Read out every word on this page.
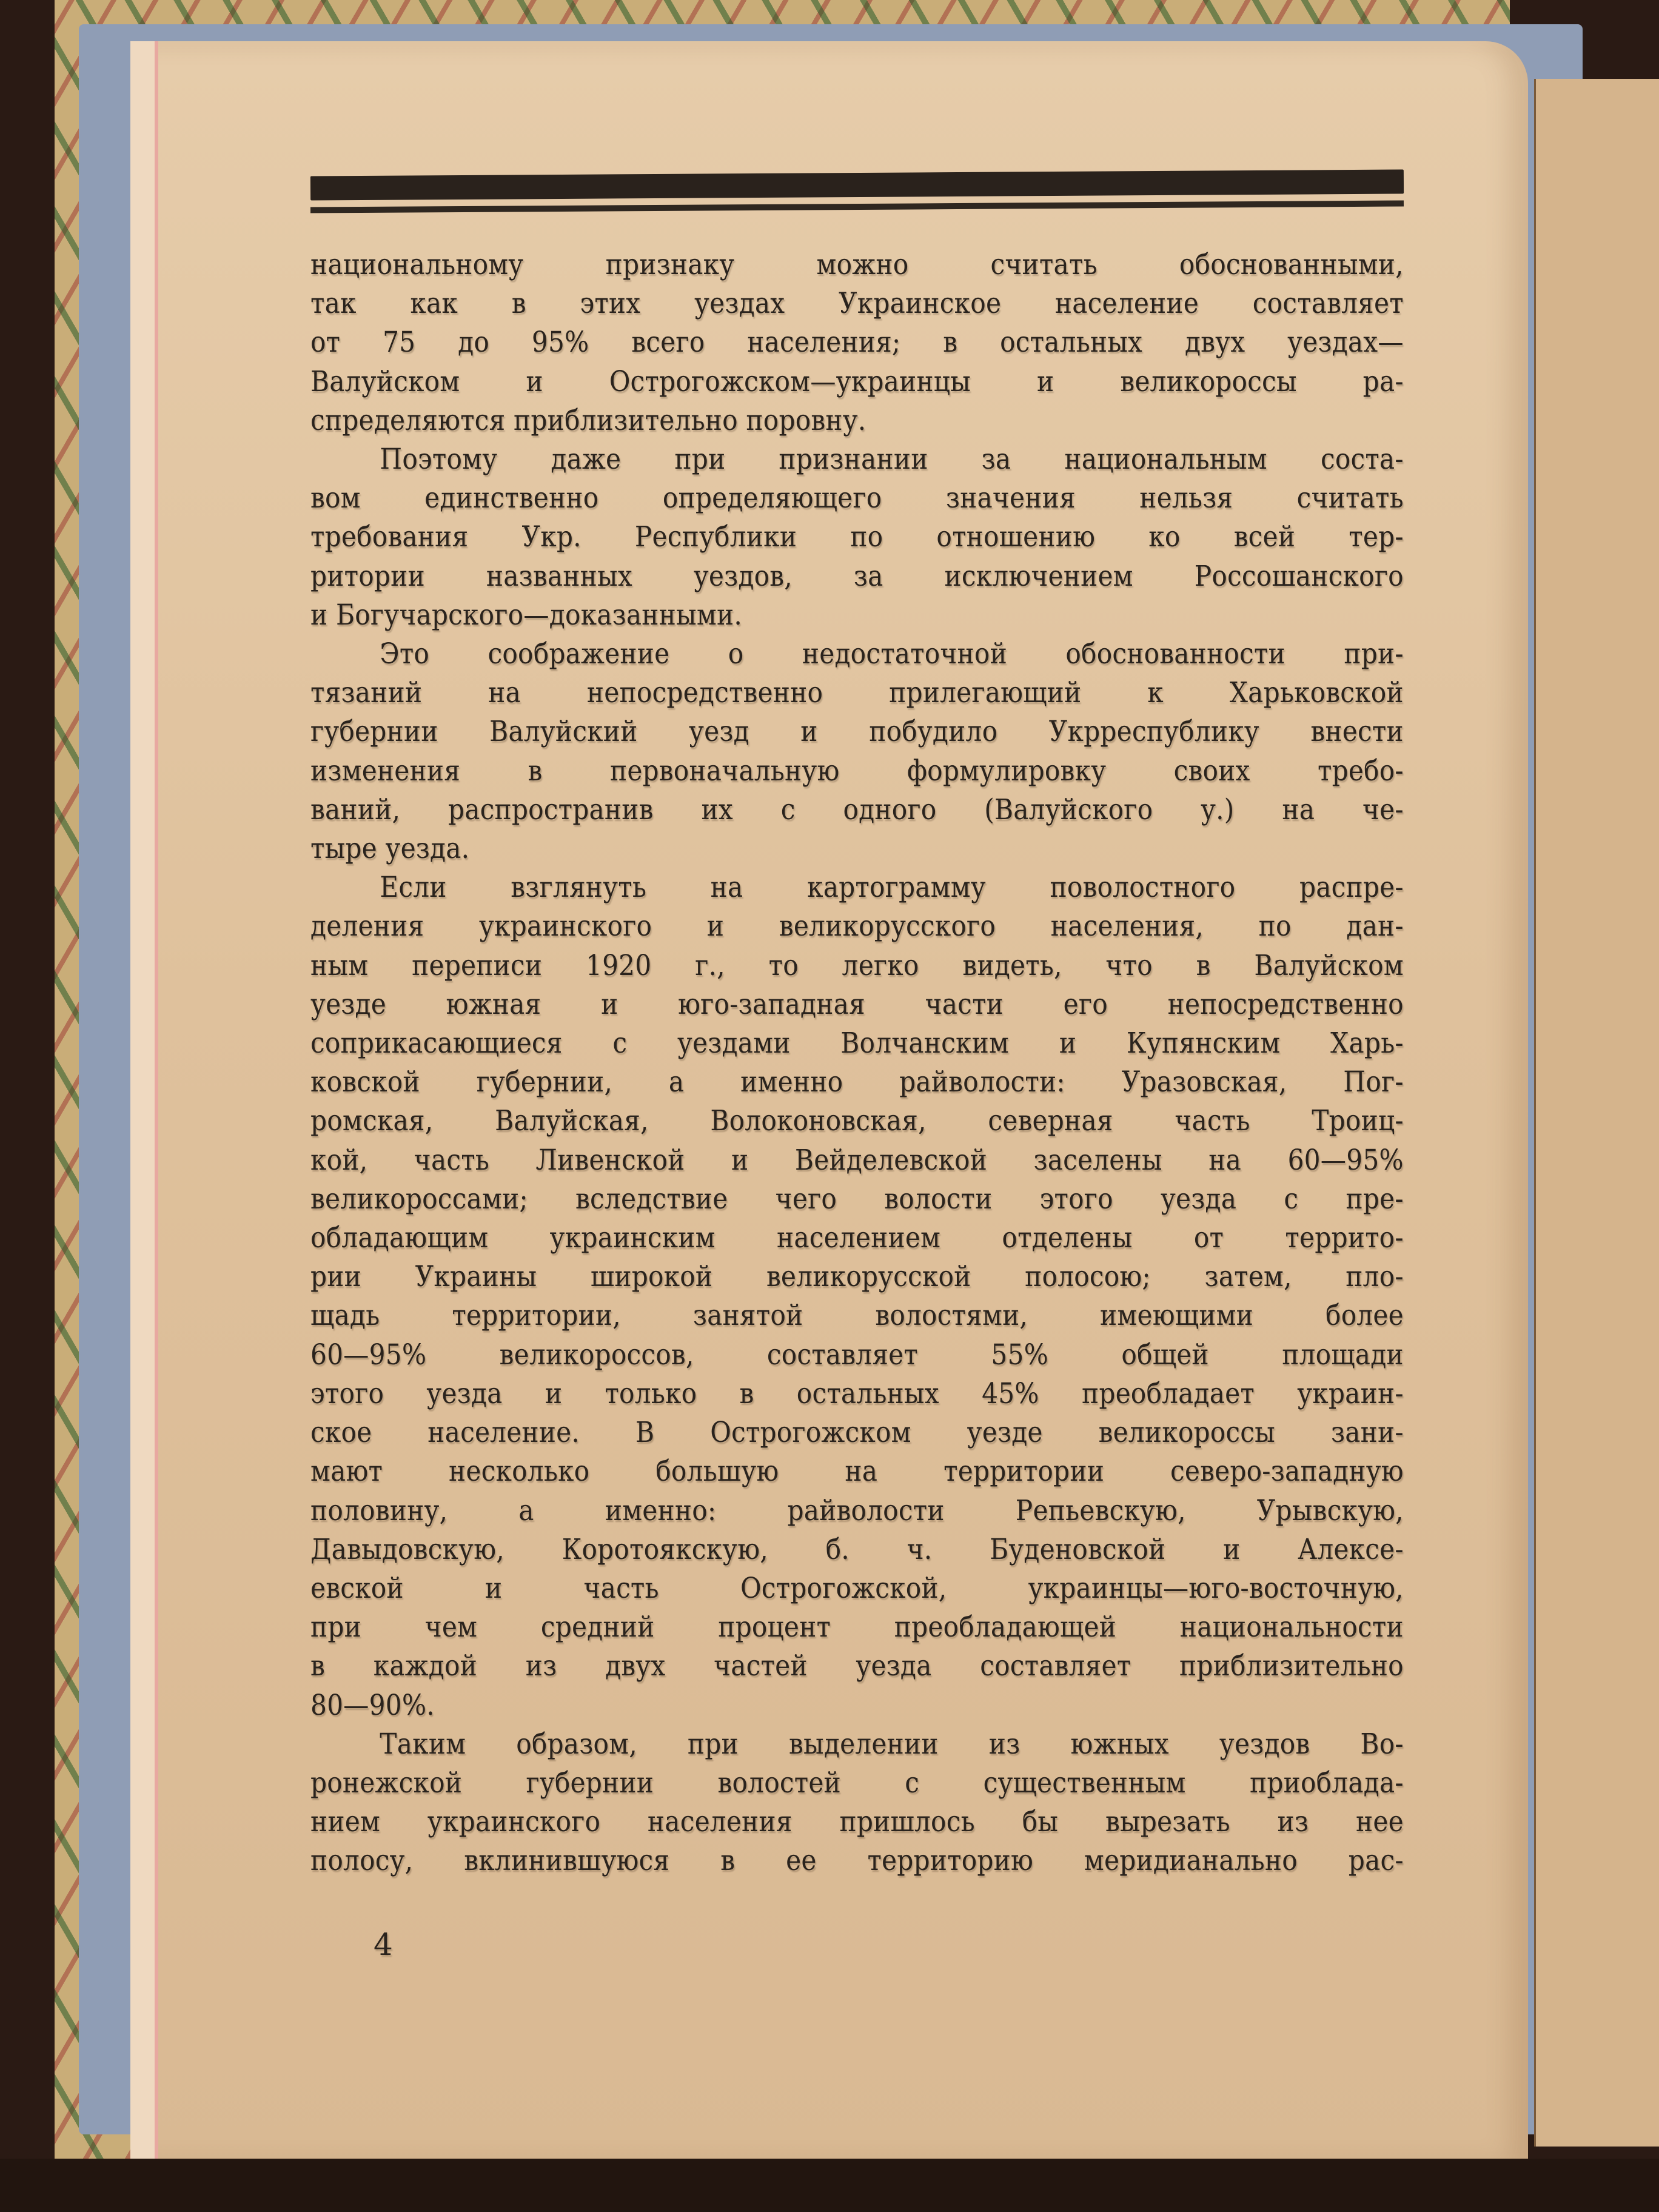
национальному признаку можно считать обоснованными,
так как в этих уездах Украинское население составляет
от 75 до 95% всего населения; в остальных двух уездах—
Валуйском и Острогожском—украинцы и великороссы ра-
спределяются приблизительно поровну.
Поэтому даже при признании за национальным соста-
вом единственно определяющего значения нельзя считать
требования Укр. Республики по отношению ко всей тер-
ритории названных уездов, за исключением Россошанского
и Богучарского—доказанными.
Это соображение о недостаточной обоснованности при-
тязаний на непосредственно прилегающий к Харьковской
губернии Валуйский уезд и побудило Укрреспублику внести
изменения в первоначальную формулировку своих требо-
ваний, распространив их с одного (Валуйского у.) на че-
тыре уезда.
Если взглянуть на картограмму поволостного распре-
деления украинского и великорусского населения, по дан-
ным переписи 1920 г., то легко видеть, что в Валуйском
уезде южная и юго-западная части его непосредственно
соприкасающиеся с уездами Волчанским и Купянским Харь-
ковской губернии, а именно райволости: Уразовская, Пог-
ромская, Валуйская, Волоконовская, северная часть Троиц-
кой, часть Ливенской и Вейделевской заселены на 60—95%
великороссами; вследствие чего волости этого уезда с пре-
обладающим украинским населением отделены от террито-
рии Украины широкой великорусской полосою; затем, пло-
щадь территории, занятой волостями, имеющими более
60—95% великороссов, составляет 55% общей площади
этого уезда и только в остальных 45% преобладает украин-
ское население. В Острогожском уезде великороссы зани-
мают несколько большую на территории северо-западную
половину, а именно: райволости Репьевскую, Урывскую,
Давыдовскую, Коротоякскую, б. ч. Буденовской и Алексе-
евской и часть Острогожской, украинцы—юго-восточную,
при чем средний процент преобладающей национальности
в каждой из двух частей уезда составляет приблизительно
80—90%.
Таким образом, при выделении из южных уездов Во-
ронежской губернии волостей с существенным приоблада-
нием украинского населения пришлось бы вырезать из нее
полосу, вклинившуюся в ее территорию меридианально рас-
4
